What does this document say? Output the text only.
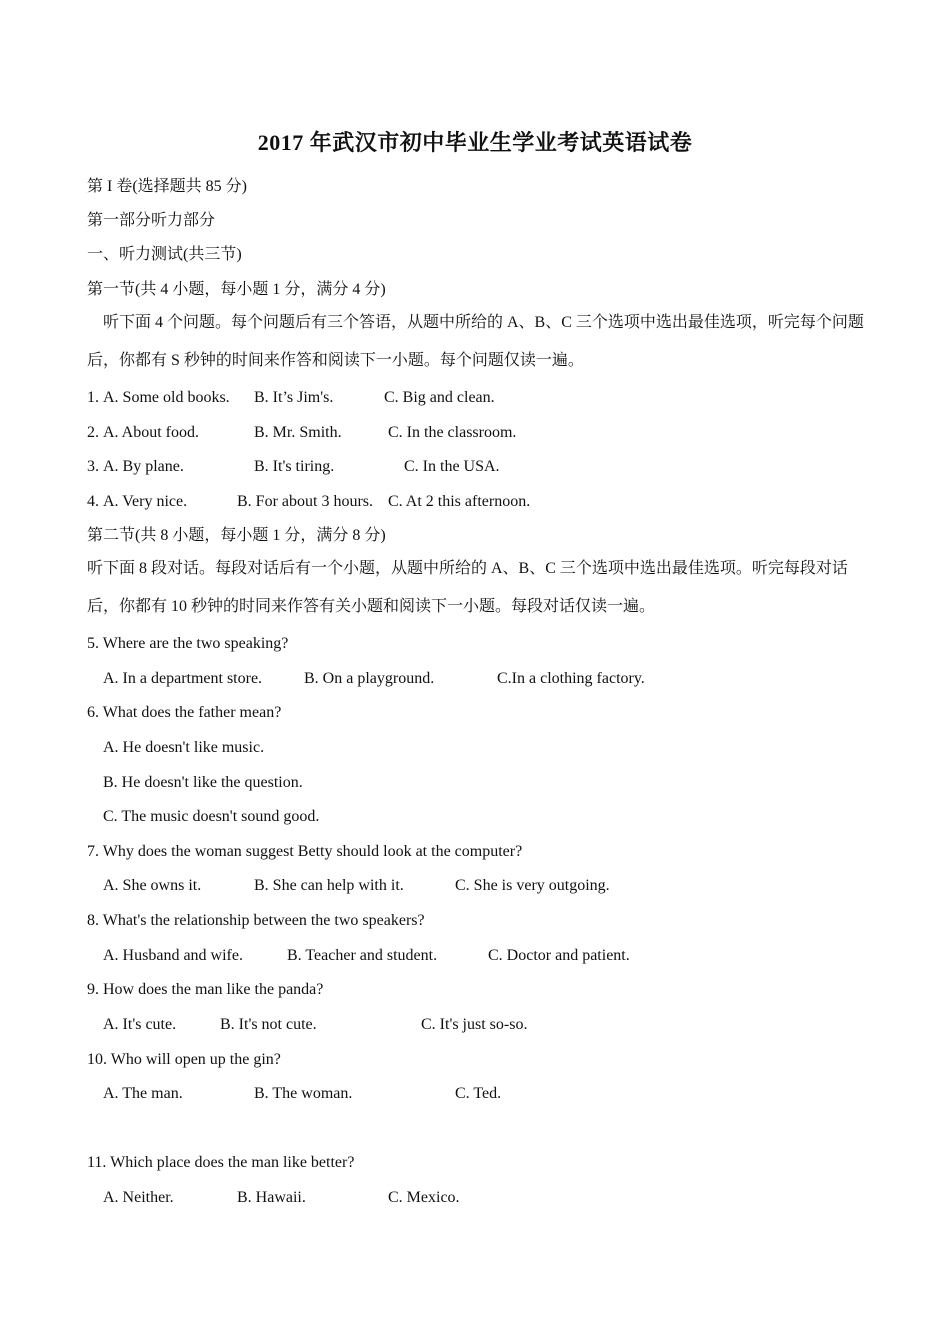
2017 年武汉市初中毕业生学业考试英语试卷
第 I 卷(选择题共 85 分)
第一部分听力部分
一、听力测试(共三节)
第一节(共 4 小题，每小题 1 分，满分 4 分)
听下面 4 个问题。每个问题后有三个答语，从题中所给的 A、B、C 三个选项中选出最佳选项，听完每个问题后，你都有 S 秒钟的时间来作答和阅读下一小题。每个问题仅读一遍。
1. A. Some old books. B. It’s Jim's.	C. Big and clean.
2. A. About food.	B. Mr. Smith.	C. In the classroom.
3. A. By plane.	B. It's tiring.	C. In the USA.
4. A. Very nice.	B. For about 3 hours. C. At 2 this afternoon.
第二节(共 8 小题，每小题 1 分，满分 8 分)
听下面 8 段对话。每段对话后有一个小题，从题中所给的 A、B、C 三个选项中选出最佳选项。听完每段对话后，你都有 10 秒钟的时同来作答有关小题和阅读下一小题。每段对话仅读一遍。
5. Where are the two speaking?
A. In a department store.	B. On a playground.	C.In a clothing factory.
6. What does the father mean?
A. He doesn't like music.
B. He doesn't like the question.
C. The music doesn't sound good.
7. Why does the woman suggest Betty should look at the computer?
A. She owns it.	B. She can help with it.	C. She is very outgoing.
8. What's the relationship between the two speakers?
A. Husband and wife.	B. Teacher and student.	C. Doctor and patient.
9. How does the man like the panda?
A. It's cute.	B. It's not cute.	C. It's just so-so.
10. Who will open up the gin?
A. The man.	B. The woman.	C. Ted.
11. Which place does the man like better?
A. Neither.	B. Hawaii.	C. Mexico.
